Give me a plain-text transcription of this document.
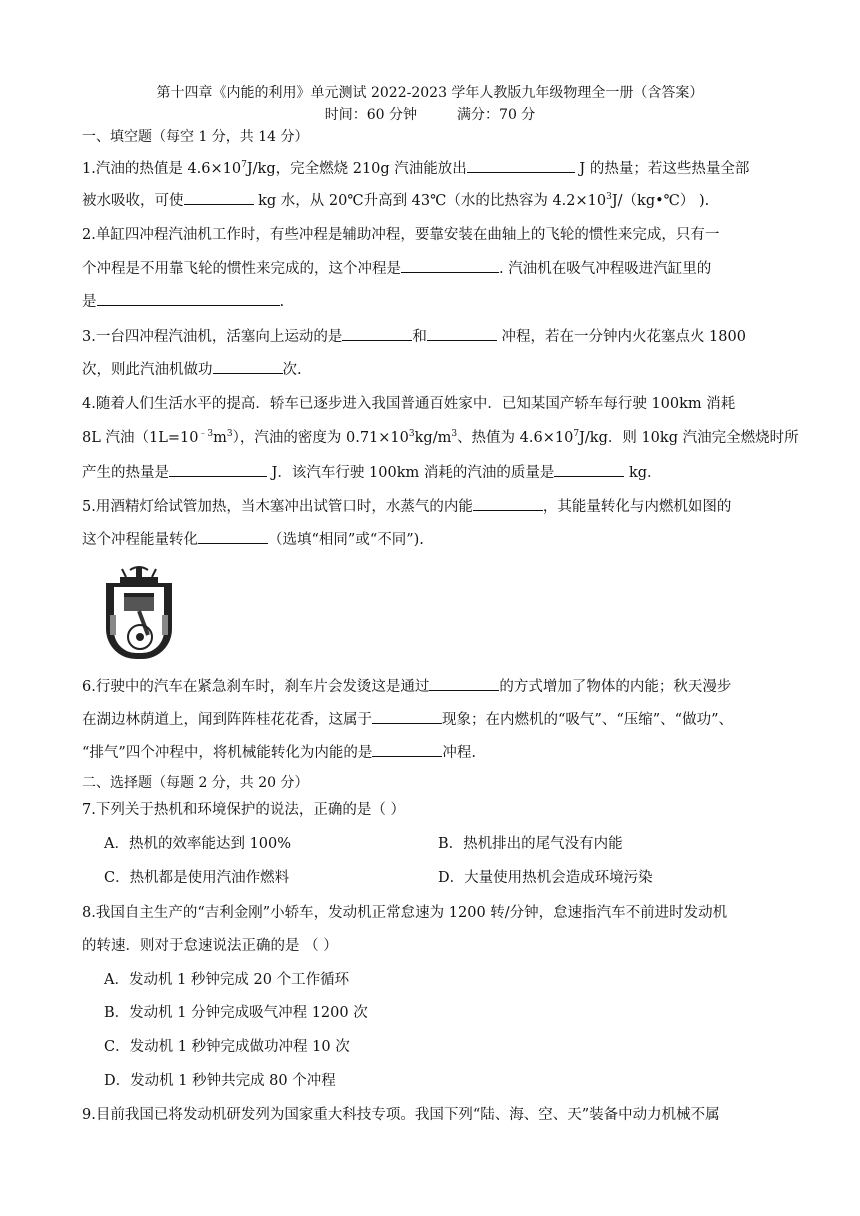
第十四章《内能的利用》单元测试 2022-2023 学年人教版九年级物理全一册（含答案）
时间：60 分钟	满分：70 分
一、填空题（每空 1 分，共 14 分）
1.汽油的热值是 $4.6\times 10^7J/kg$，完全燃烧 210g 汽油能放出	J 的热量；若这些热量全部
被水吸收，可使	kg 水，从 20℃升高到 43℃（水的比热容为 $4.2\times 10^3J/(kg•℃)$ ).
2.单缸四冲程汽油机工作时，有些冲程是辅助冲程，要靠安装在曲轴上的飞轮的惯性来完成，只有一
个冲程是不用靠飞轮的惯性来完成的，这个冲程是	. 汽油机在吸气冲程吸进汽缸里的
是	.
3.一台四冲程汽油机，活塞向上运动的是	和	冲程，若在一分钟内火花塞点火 1800
次，则此汽油机做功	次.
4.随着人们生活水平的提高．轿车已逐步进入我国普通百姓家中．已知某国产轿车每行驶 100km 消耗
8L 汽油$(1L=10^{﹣3}m^3)$，汽油的密度为 $0.71\times 10^3kg/m^3$、热值为 $4.6\times 10^7J/kg$．则 10kg 汽油完全燃烧时所
产生的热量是	J．该汽车行驶 100km 消耗的汽油的质量是	kg．
5.用酒精灯给试管加热，当木塞冲出试管口时，水蒸气的内能	，其能量转化与内燃机如图的
这个冲程能量转化	（选填“相同”或“不同”).
6.行驶中的汽车在紧急刹车时，刹车片会发烫这是通过	的方式增加了物体的内能；秋天漫步
在湖边林荫道上，闻到阵阵桂花花香，这属于	现象；在内燃机的“吸气”、“压缩”、“做功”、
“排气”四个冲程中，将机械能转化为内能的是	冲程.
二、选择题（每题 2 分，共 20 分）
7.下列关于热机和环境保护的说法，正确的是（ ）
A．热机的效率能达到 100%	B．热机排出的尾气没有内能
C．热机都是使用汽油作燃料	D．大量使用热机会造成环境污染
8.我国自主生产的“吉利金刚”小轿车，发动机正常怠速为 1200 转/分钟，怠速指汽车不前进时发动机
的转速．则对于怠速说法正确的是 （ ）
A．发动机 1 秒钟完成 20 个工作循环
B．发动机 1 分钟完成吸气冲程 1200 次
C．发动机 1 秒钟完成做功冲程 10 次
D．发动机 1 秒钟共完成 80 个冲程
9.目前我国已将发动机研发列为国家重大科技专项。我国下列“陆、海、空、天”装备中动力机械不属
